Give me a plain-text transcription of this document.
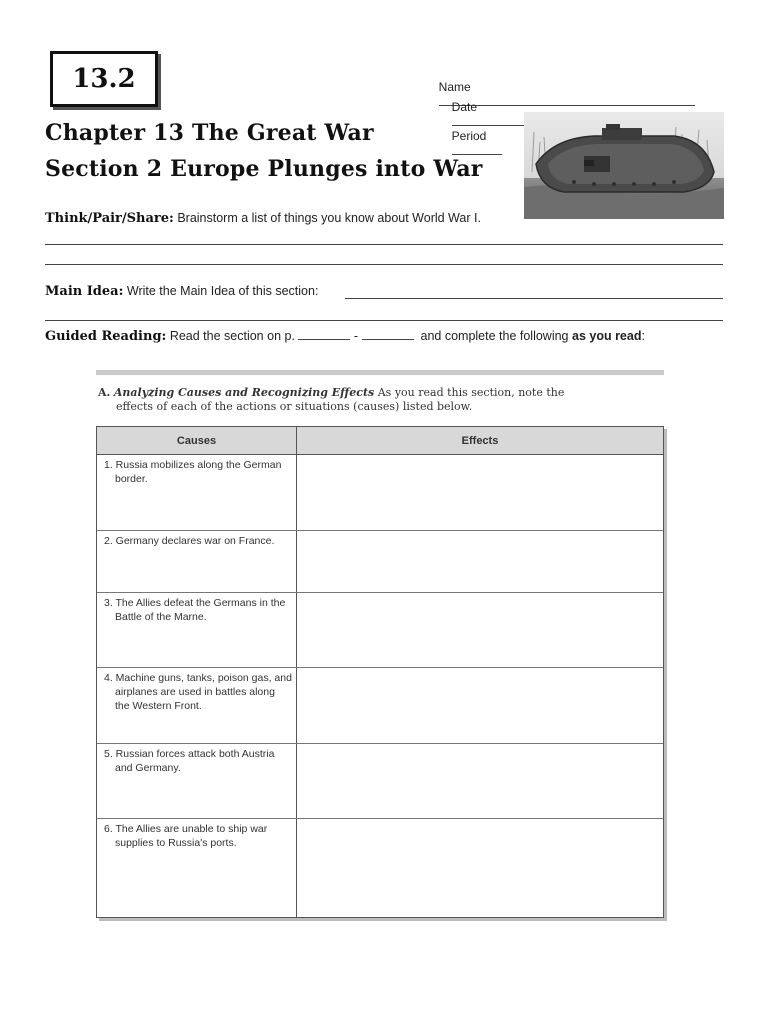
13.2	Name

Date

Period

Chapter 13 The Great War
Section 2 Europe Plunges into War
Think/Pair/Share: Brainstorm a list of things you know about World War I.
Main Idea: Write the Main Idea of this section:
Guided Reading: Read the section on p.	-	and complete the following as you read:
A. Analyzing Causes and Recognizing Effects As you read this section, note the
effects of each of the actions or situations (causes) listed below.
Causes	Effects
1. Russia mobilizes along the German border.
2. Germany declares war on France.
3. The Allies defeat the Germans in the Battle of the Marne.
4. Machine guns, tanks, poison gas, and airplanes are used in battles along the Western Front.
5. Russian forces attack both Austria and Germany.
6. The Allies are unable to ship war supplies to Russia's ports.
